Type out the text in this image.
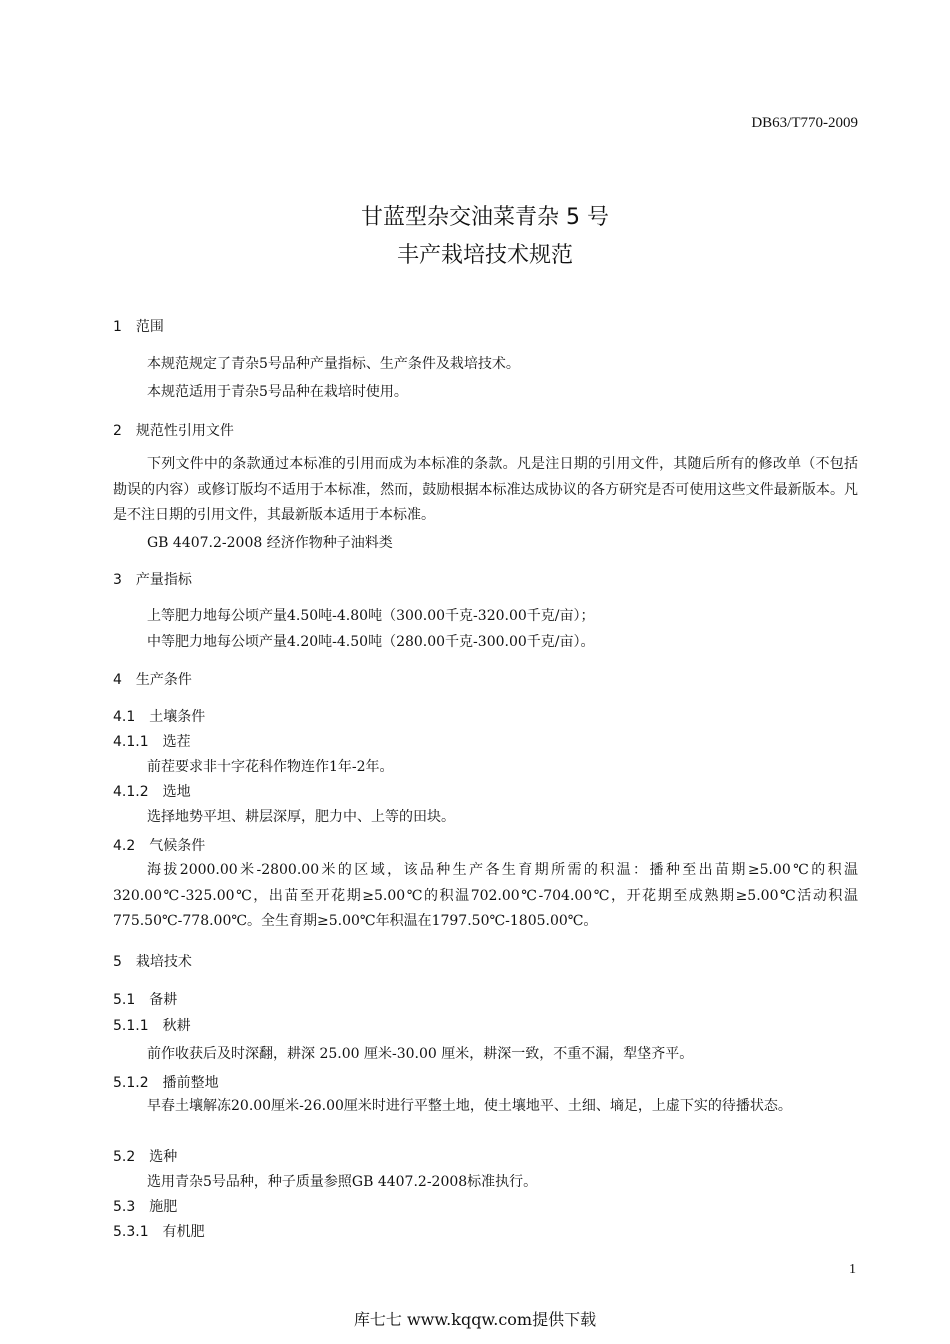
DB63/T770-2009
甘蓝型杂交油菜青杂 5 号
丰产栽培技术规范
1　范围
本规范规定了青杂5号品种产量指标、生产条件及栽培技术。
本规范适用于青杂5号品种在栽培时使用。
2　规范性引用文件
下列文件中的条款通过本标准的引用而成为本标准的条款。凡是注日期的引用文件，其随后所有的修改单（不包括勘误的内容）或修订版均不适用于本标准，然而，鼓励根据本标准达成协议的各方研究是否可使用这些文件最新版本。凡是不注日期的引用文件，其最新版本适用于本标准。
GB 4407.2-2008 经济作物种子油料类
3　产量指标
上等肥力地每公顷产量4.50吨-4.80吨（300.00千克-320.00千克/亩）；
中等肥力地每公顷产量4.20吨-4.50吨（280.00千克-300.00千克/亩）。
4　生产条件
4.1　土壤条件
4.1.1　选茬
前茬要求非十字花科作物连作1年-2年。
4.1.2　选地
选择地势平坦、耕层深厚，肥力中、上等的田块。
4.2　气候条件
海拔2000.00米-2800.00米的区域，该品种生产各生育期所需的积温：播种至出苗期≥5.00℃的积温320.00℃-325.00℃，出苗至开花期≥5.00℃的积温702.00℃-704.00℃，开花期至成熟期≥5.00℃活动积温775.50℃-778.00℃。全生育期≥5.00℃年积温在1797.50℃-1805.00℃。
5　栽培技术
5.1　备耕
5.1.1　秋耕
前作收获后及时深翻，耕深 25.00 厘米-30.00 厘米，耕深一致，不重不漏，犁垡齐平。
5.1.2　播前整地
早春土壤解冻20.00厘米-26.00厘米时进行平整土地，使土壤地平、土细、墒足，上虚下实的待播状态。
5.2　选种
选用青杂5号品种，种子质量参照GB 4407.2-2008标准执行。
5.3　施肥
5.3.1　有机肥
1
库七七 www.kqqw.com提供下载
